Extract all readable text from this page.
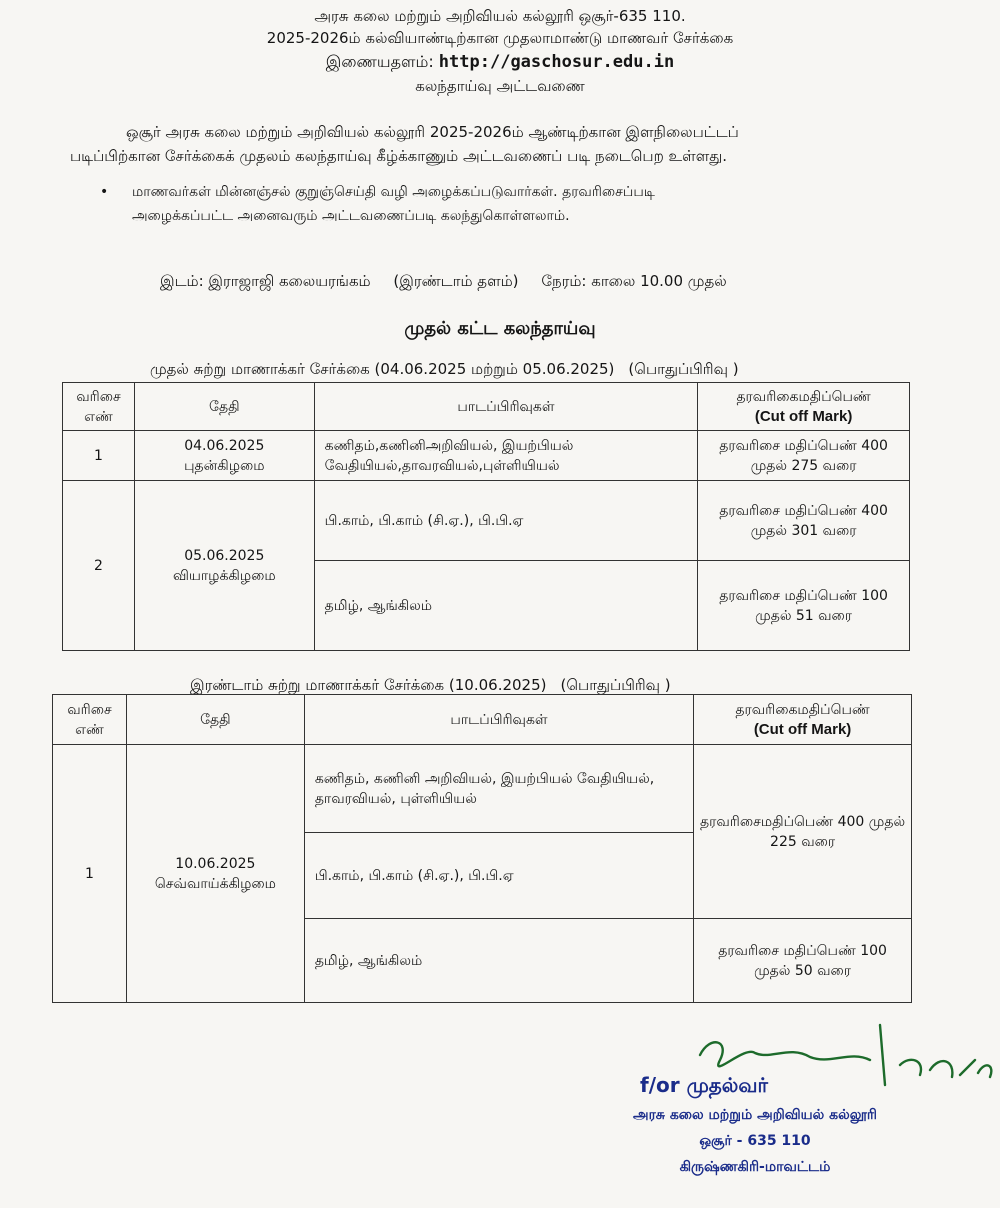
அரசு கலை மற்றும் அறிவியல் கல்லூரி ஒசூர்-635 110.
2025-2026ம் கல்வியாண்டிற்கான முதலாமாண்டு மாணவர் சேர்க்கை
இணையதளம்: http://gaschosur.edu.in
கலந்தாய்வு அட்டவணை

ஒசூர் அரசு கலை மற்றும் அறிவியல் கல்லூரி 2025-2026ம் ஆண்டிற்கான இளநிலைபட்டப்

படிப்பிற்கான சேர்க்கைக் முதலம் கலந்தாய்வு கீழ்க்காணும் அட்டவணைப் படி நடைபெற உள்ளது.

• மாணவர்கள் மின்னஞ்சல் குறுஞ்செய்தி வழி அழைக்கப்படுவார்கள். தரவரிசைப்படி
அழைக்கப்பட்ட அனைவரும் அட்டவணைப்படி கலந்துகொள்ளலாம்.
இடம்: இராஜாஜி கலையரங்கம் (இரண்டாம் தளம்) நேரம்: காலை 10.00 முதல்
முதல் கட்ட கலந்தாய்வு
முதல் சுற்று மாணாக்கர் சேர்க்கை (04.06.2025 மற்றும் 05.06.2025) (பொதுப்பிரிவு )
வரிசை எண்	தேதி	பாடப்பிரிவுகள்	தரவரிகைமதிப்பெண்
(Cut off Mark)
1	04.06.2025
புதன்கிழமை	கணிதம்,கணினிஅறிவியல், இயற்பியல் வேதியியல்,தாவரவியல்,புள்ளியியல்	தரவரிசை மதிப்பெண் 400 முதல் 275 வரை
2	05.06.2025
வியாழக்கிழமை	பி.காம், பி.காம் (சி.ஏ.), பி.பி.ஏ	தரவரிசை மதிப்பெண் 400 முதல் 301 வரை
		தமிழ், ஆங்கிலம்	தரவரிசை மதிப்பெண் 100 முதல் 51 வரை
இரண்டாம் சுற்று மாணாக்கர் சேர்க்கை (10.06.2025) (பொதுப்பிரிவு )
வரிசை எண்	தேதி	பாடப்பிரிவுகள்	தரவரிகைமதிப்பெண்
(Cut off Mark)
1	10.06.2025
செவ்வாய்க்கிழமை	கணிதம், கணினி அறிவியல், இயற்பியல் வேதியியல், தாவரவியல், புள்ளியியல்	தரவரிசைமதிப்பெண் 400 முதல் 225 வரை
		பி.காம், பி.காம் (சி.ஏ.), பி.பி.ஏ	
		தமிழ், ஆங்கிலம்	தரவரிசை மதிப்பெண் 100 முதல் 50 வரை
f/or முதல்வர்
அரசு கலை மற்றும் அறிவியல் கல்லூரி
ஒசூர் - 635 110
கிருஷ்ணகிரி-மாவட்டம்
